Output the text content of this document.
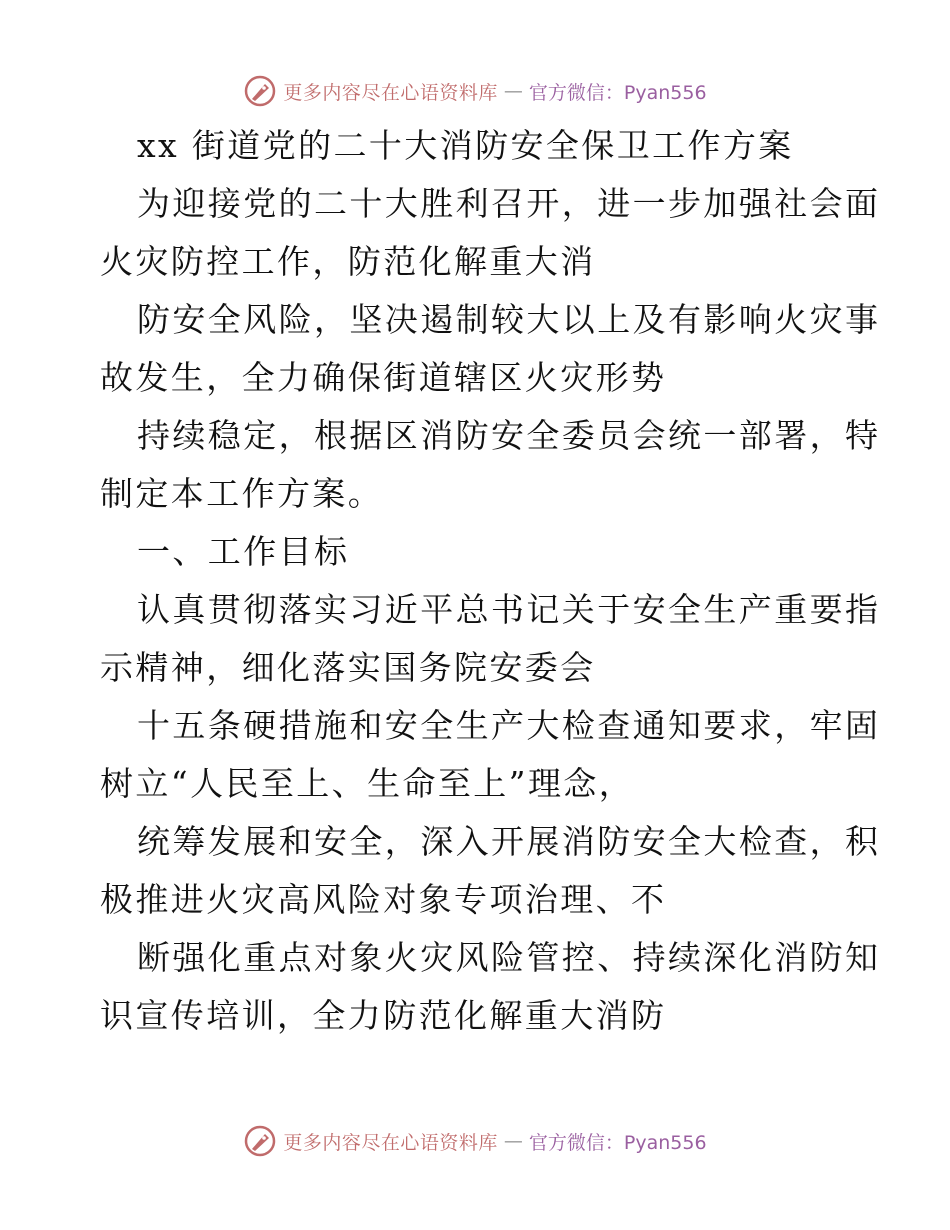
更多内容尽在心语资料库 — 官方微信：Pyan556
xx 街道党的二十大消防安全保卫工作方案
为迎接党的二十大胜利召开，进一步加强社会面
火灾防控工作，防范化解重大消
防安全风险，坚决遏制较大以上及有影响火灾事
故发生，全力确保街道辖区火灾形势
持续稳定，根据区消防安全委员会统一部署，特
制定本工作方案。
一、工作目标
认真贯彻落实习近平总书记关于安全生产重要指
示精神，细化落实国务院安委会
十五条硬措施和安全生产大检查通知要求，牢固
树立“人民至上、生命至上”理念，
统筹发展和安全，深入开展消防安全大检查，积
极推进火灾高风险对象专项治理、不
断强化重点对象火灾风险管控、持续深化消防知
识宣传培训，全力防范化解重大消防
更多内容尽在心语资料库 — 官方微信：Pyan556
